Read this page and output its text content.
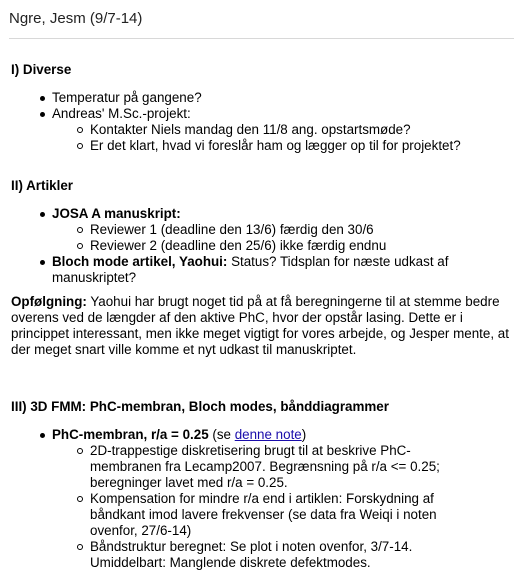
Ngre, Jesm (9/7-14)
I) Diverse
Temperatur på gangene?
Andreas' M.Sc.-projekt:
Kontakter Niels mandag den 11/8 ang. opstartsmøde?
Er det klart, hvad vi foreslår ham og lægger op til for projektet?
II) Artikler
JOSA A manuskript:
Reviewer 1 (deadline den 13/6) færdig den 30/6
Reviewer 2 (deadline den 25/6) ikke færdig endnu
Bloch mode artikel, Yaohui: Status? Tidsplan for næste udkast af manuskriptet?
Opfølgning: Yaohui har brugt noget tid på at få beregningerne til at stemme bedre overens ved de længder af den aktive PhC, hvor der opstår lasing. Dette er i princippet interessant, men ikke meget vigtigt for vores arbejde, og Jesper mente, at der meget snart ville komme et nyt udkast til manuskriptet.
III) 3D FMM: PhC-membran, Bloch modes, bånddiagrammer
PhC-membran, r/a = 0.25 (se denne note)
2D-trappestige diskretisering brugt til at beskrive PhC-membranen fra Lecamp2007. Begrænsning på r/a <= 0.25; beregninger lavet med r/a = 0.25.
Kompensation for mindre r/a end i artiklen: Forskydning af båndkant imod lavere frekvenser (se data fra Weiqi i noten ovenfor, 27/6-14)
Båndstruktur beregnet: Se plot i noten ovenfor, 3/7-14. Umiddelbart: Manglende diskrete defektmodes.
